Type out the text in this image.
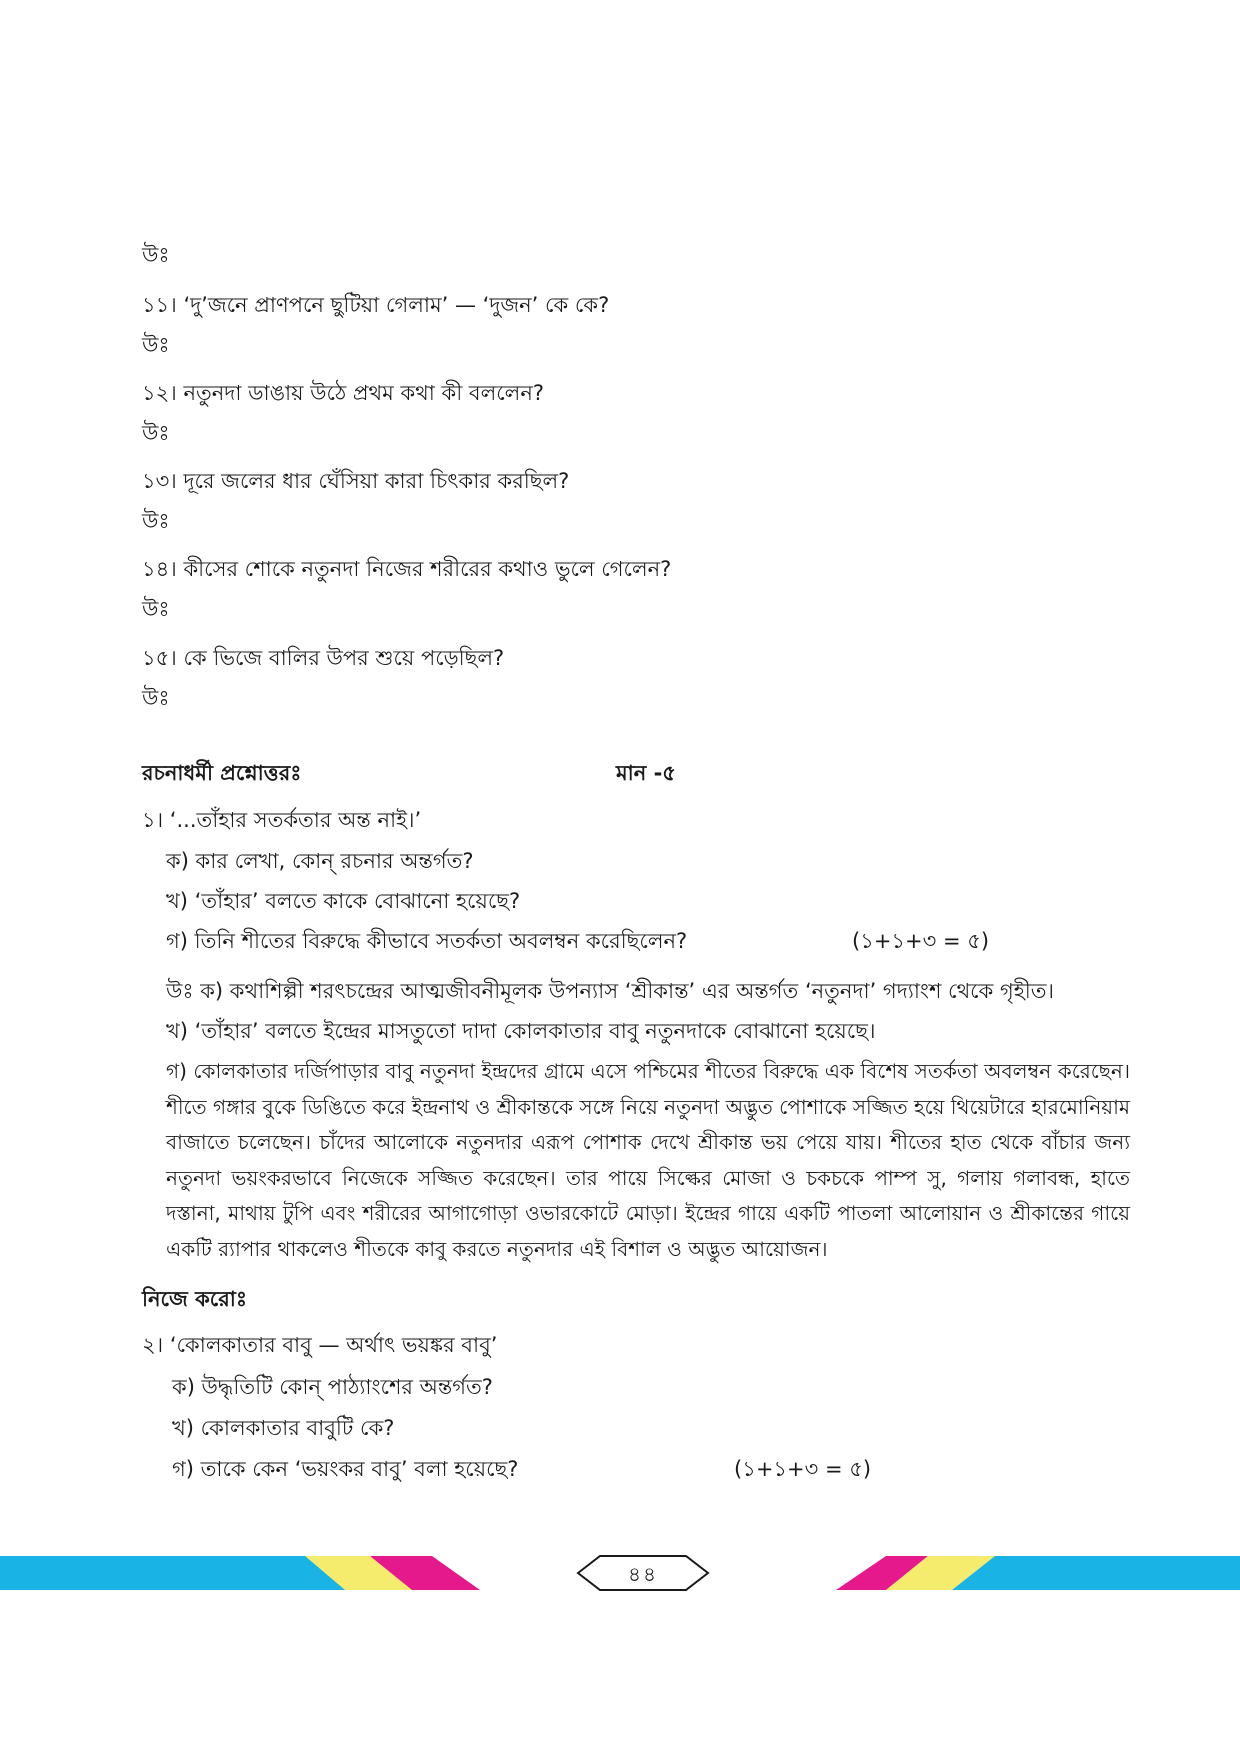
উঃ
১১। ‘দু’জনে প্রাণপনে ছুটিয়া গেলাম’ — ‘দুজন’ কে কে?
উঃ
১২। নতুনদা ডাঙায় উঠে প্রথম কথা কী বললেন?
উঃ
১৩। দূরে জলের ধার ঘেঁসিয়া কারা চিৎকার করছিল?
উঃ
১৪। কীসের শোকে নতুনদা নিজের শরীরের কথাও ভুলে গেলেন?
উঃ
১৫। কে ভিজে বালির উপর শুয়ে পড়েছিল?
উঃ
রচনাধর্মী প্রশ্নোত্তরঃ	মান -৫
১। ‘...তাঁহার সতর্কতার অন্ত নাই।’
ক) কার লেখা, কোন্ রচনার অন্তর্গত?
খ) ‘তাঁহার’ বলতে কাকে বোঝানো হয়েছে?
গ) তিনি শীতের বিরুদ্ধে কীভাবে সতর্কতা অবলম্বন করেছিলেন?	(১+১+৩ = ৫)
উঃ ক) কথাশিল্পী শরৎচন্দ্রের আত্মজীবনীমূলক উপন্যাস ‘শ্রীকান্ত’ এর অন্তর্গত ‘নতুনদা’ গদ্যাংশ থেকে গৃহীত।
খ) ‘তাঁহার’ বলতে ইন্দ্রের মাসতুতো দাদা কোলকাতার বাবু নতুনদাকে বোঝানো হয়েছে।
গ) কোলকাতার দর্জিপাড়ার বাবু নতুনদা ইন্দ্রদের গ্রামে এসে পশ্চিমের শীতের বিরুদ্ধে এক বিশেষ সতর্কতা অবলম্বন করেছেন। শীতে গঙ্গার বুকে ডিঙিতে করে ইন্দ্রনাথ ও শ্রীকান্তকে সঙ্গে নিয়ে নতুনদা অদ্ভুত পোশাকে সজ্জিত হয়ে থিয়েটারে হারমোনিয়াম বাজাতে চলেছেন। চাঁদের আলোকে নতুনদার এরূপ পোশাক দেখে শ্রীকান্ত ভয় পেয়ে যায়। শীতের হাত থেকে বাঁচার জন্য নতুনদা ভয়ংকরভাবে নিজেকে সজ্জিত করেছেন। তার পায়ে সিল্কের মোজা ও চকচকে পাম্প সু, গলায় গলাবন্ধ, হাতে দস্তানা, মাথায় টুপি এবং শরীরের আগাগোড়া ওভারকোটে মোড়া। ইন্দ্রের গায়ে একটি পাতলা আলোয়ান ও শ্রীকান্তের গায়ে একটি র‍্যাপার থাকলেও শীতকে কাবু করতে নতুনদার এই বিশাল ও অদ্ভুত আয়োজন।
নিজে করোঃ
২। ‘কোলকাতার বাবু — অর্থাৎ ভয়ঙ্কর বাবু’
ক) উদ্ধৃতিটি কোন্ পাঠ্যাংশের অন্তর্গত?
খ) কোলকাতার বাবুটি কে?
গ) তাকে কেন ‘ভয়ংকর বাবু’ বলা হয়েছে?	(১+১+৩ = ৫)
৪৪
